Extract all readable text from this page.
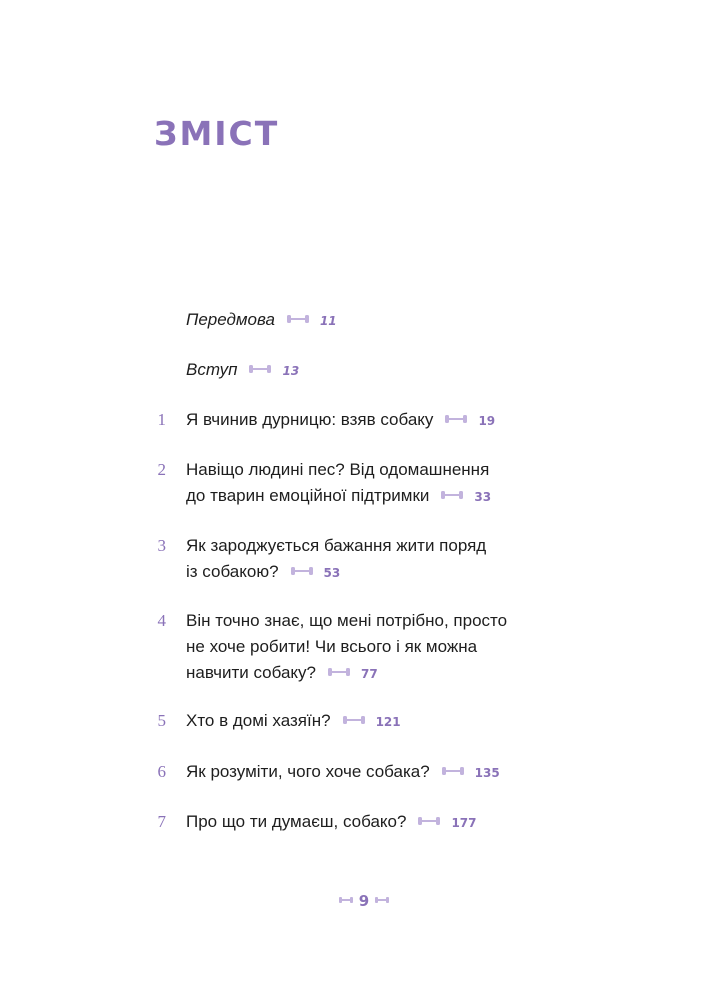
ЗМІСТ
Передмова	11
Вступ	13
1 Я вчинив дурницю: взяв собаку	19
2 Навіщо людині пес? Від одомашнення
до тварин емоційної підтримки	33
3 Як зароджується бажання жити поряд
із собакою?	53
4 Він точно знає, що мені потрібно, просто
не хоче робити! Чи всього і як можна
навчити собаку?	77
5 Хто в домі хазяїн?	121
6 Як розуміти, чого хоче собака?	135
7 Про що ти думаєш, собако?	177
9
